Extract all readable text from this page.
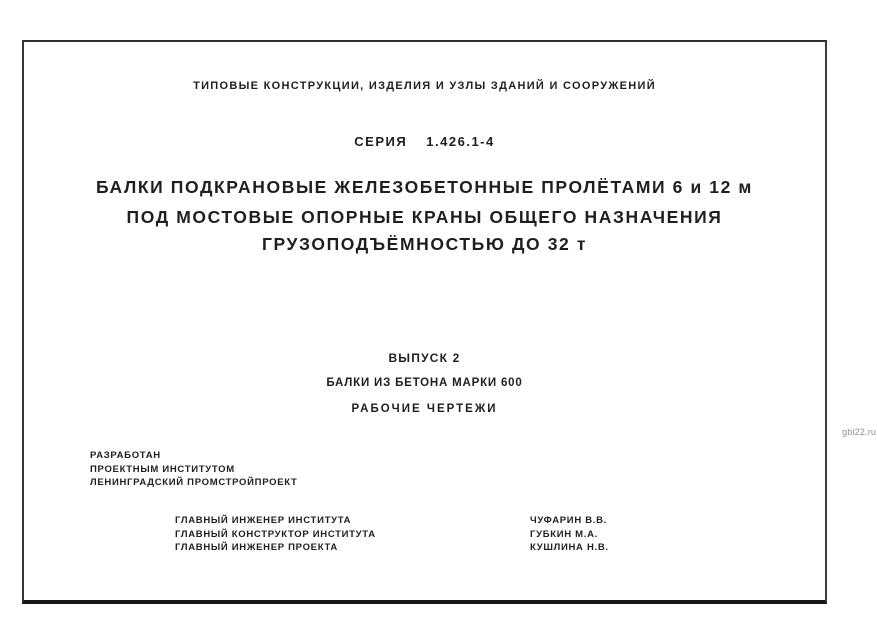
ТИПОВЫЕ КОНСТРУКЦИИ, ИЗДЕЛИЯ И УЗЛЫ ЗДАНИЙ И СООРУЖЕНИЙ
СЕРИЯ 1.426.1-4
БАЛКИ ПОДКРАНОВЫЕ ЖЕЛЕЗОБЕТОННЫЕ ПРОЛЁТАМИ 6 и 12 м
ПОД МОСТОВЫЕ ОПОРНЫЕ КРАНЫ ОБЩЕГО НАЗНАЧЕНИЯ
ГРУЗОПОДЪЁМНОСТЬЮ ДО 32 т
ВЫПУСК 2
БАЛКИ ИЗ БЕТОНА МАРКИ 600
РАБОЧИЕ ЧЕРТЕЖИ
РАЗРАБОТАН
ПРОЕКТНЫМ ИНСТИТУТОМ
ЛЕНИНГРАДСКИЙ ПРОМСТРОЙПРОЕКТ
ГЛАВНЫЙ ИНЖЕНЕР ИНСТИТУТА	ЧУФАРИН В.В.
ГЛАВНЫЙ КОНСТРУКТОР ИНСТИТУТА	ГУБКИН М.А.
ГЛАВНЫЙ ИНЖЕНЕР ПРОЕКТА	КУШЛИНА Н.В.
gbi22.ru
